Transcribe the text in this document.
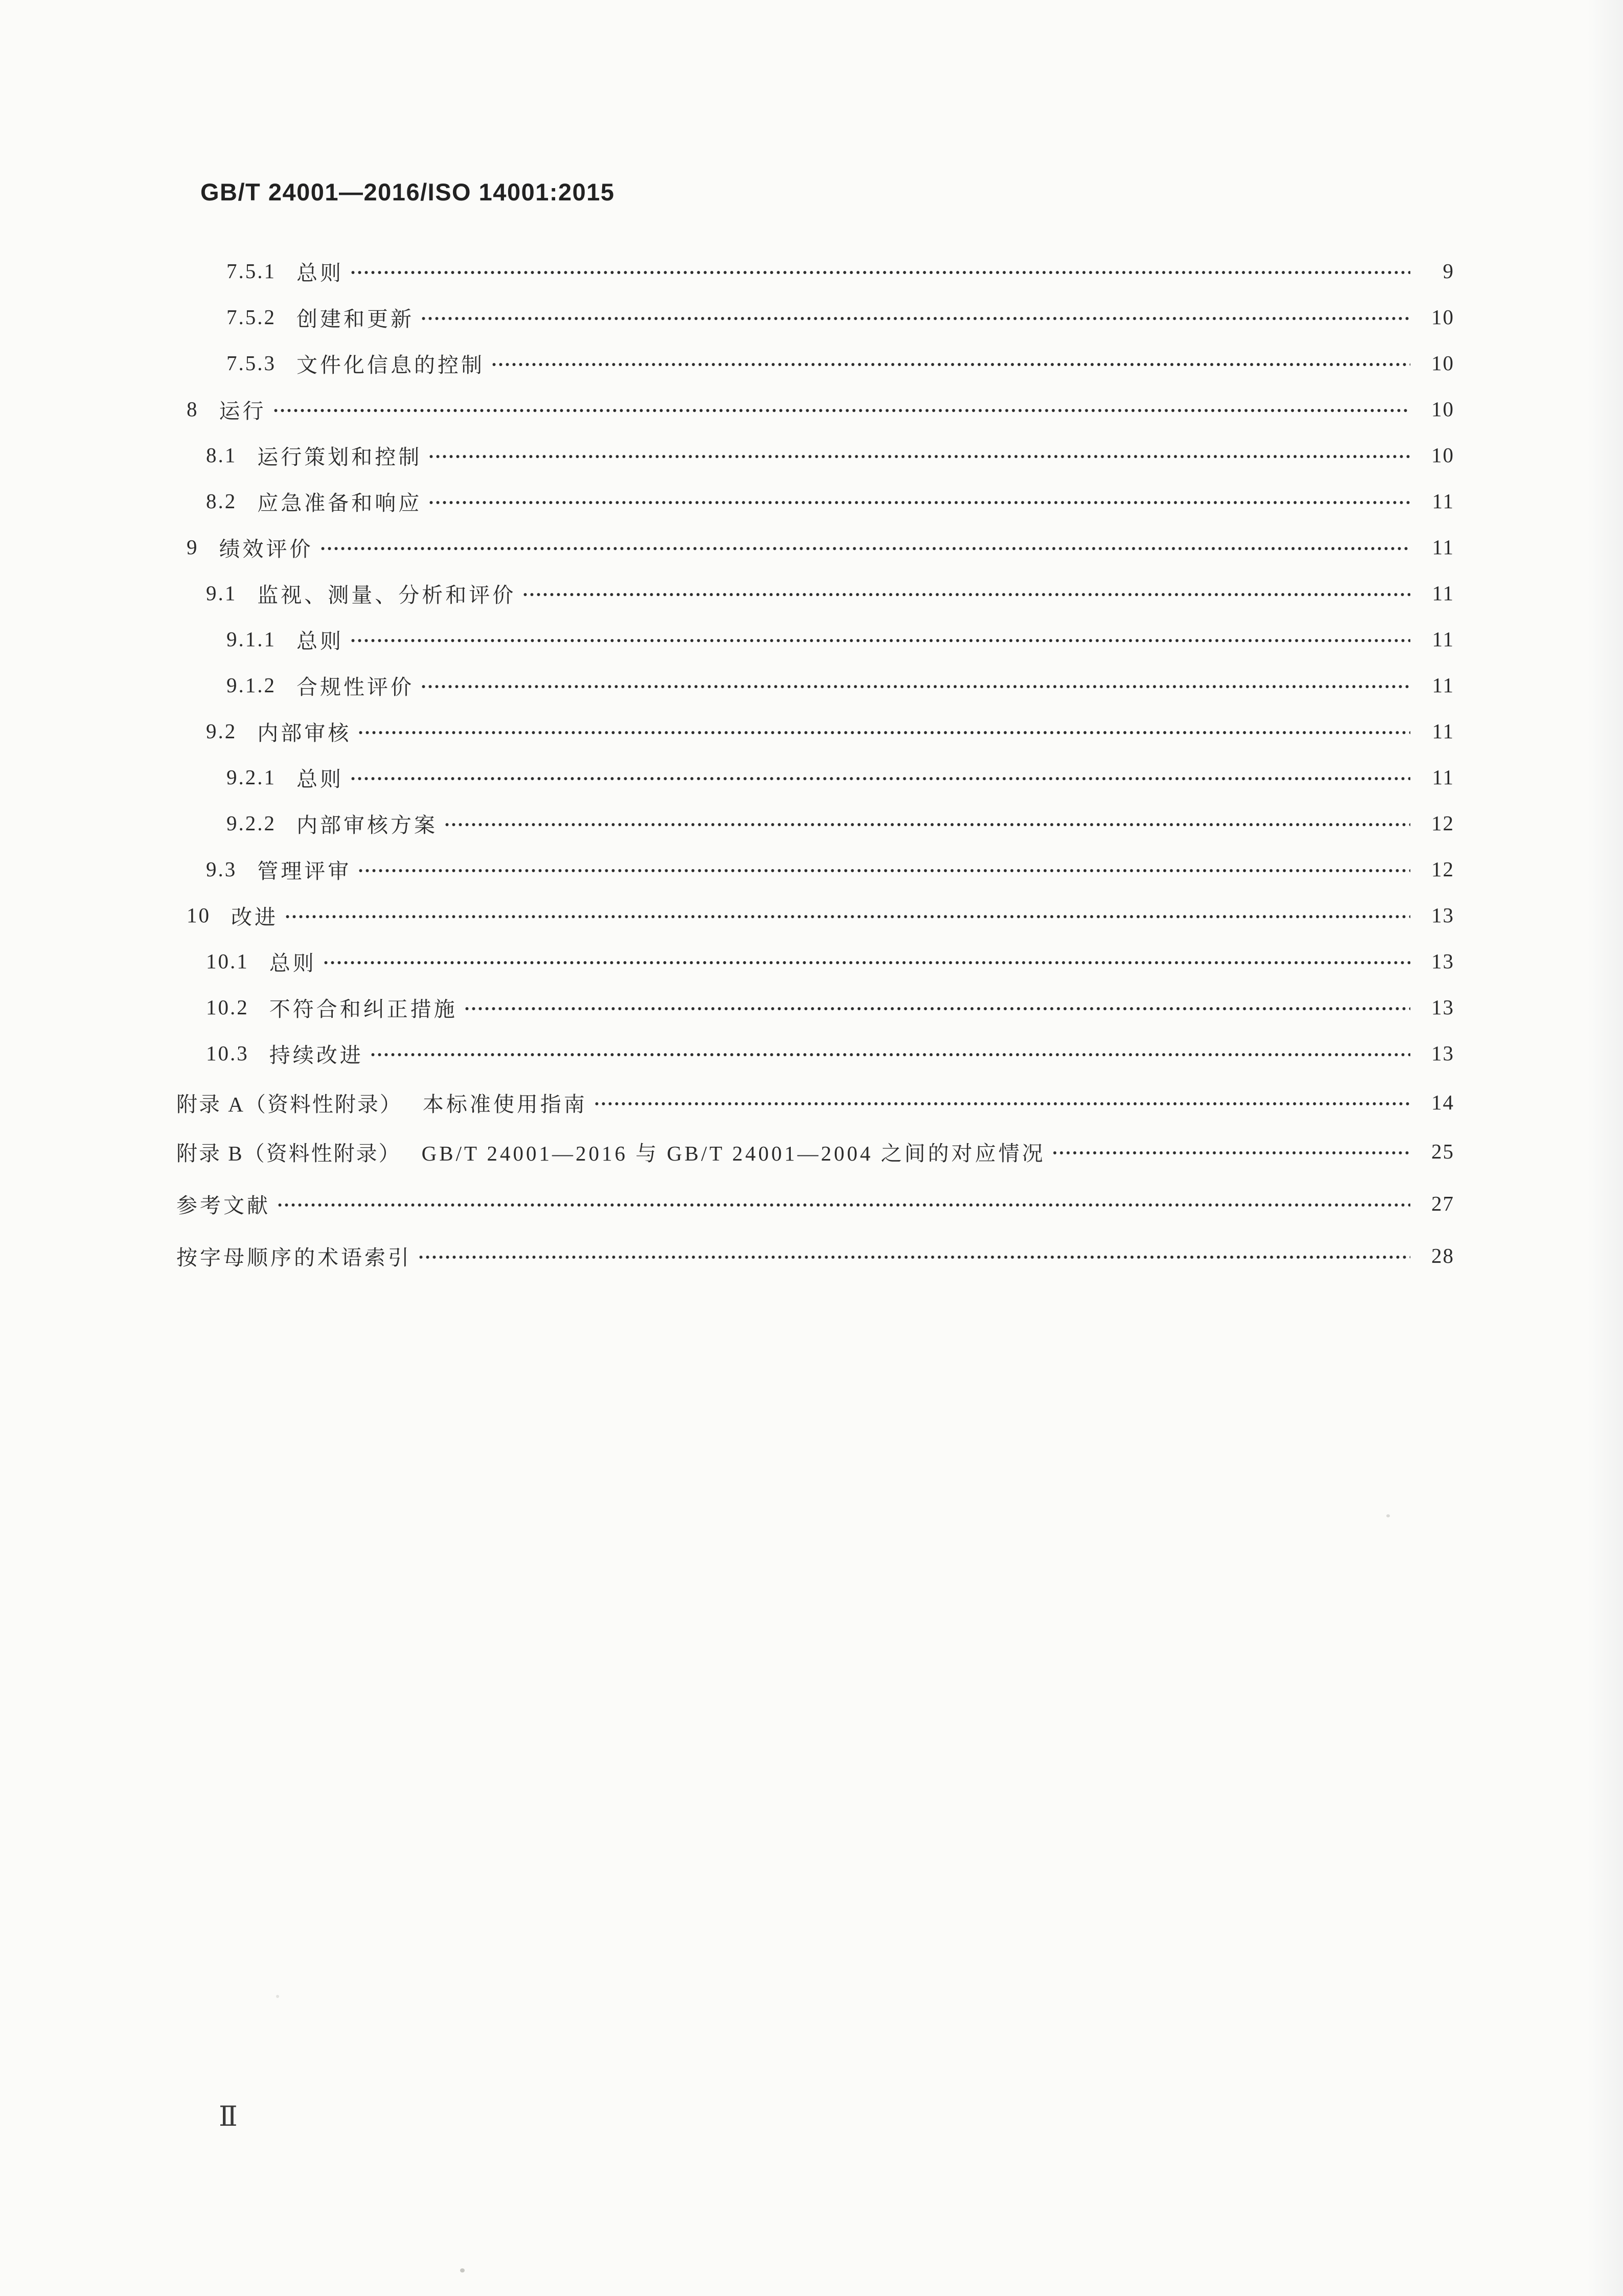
GB/T 24001—2016/ISO 14001:2015
7.5.1 总则	9
7.5.2 创建和更新	10
7.5.3 文件化信息的控制	10
8 运行	10
8.1 运行策划和控制	10
8.2 应急准备和响应	11
9 绩效评价	11
9.1 监视、测量、分析和评价	11
9.1.1 总则	11
9.1.2 合规性评价	11
9.2 内部审核	11
9.2.1 总则	11
9.2.2 内部审核方案	12
9.3 管理评审	12
10 改进	13
10.1 总则	13
10.2 不符合和纠正措施	13
10.3 持续改进	13
附录 A（资料性附录） 本标准使用指南	14
附录 B（资料性附录） GB/T 24001—2016 与 GB/T 24001—2004 之间的对应情况	25
参考文献	27
按字母顺序的术语索引	28
Ⅱ
